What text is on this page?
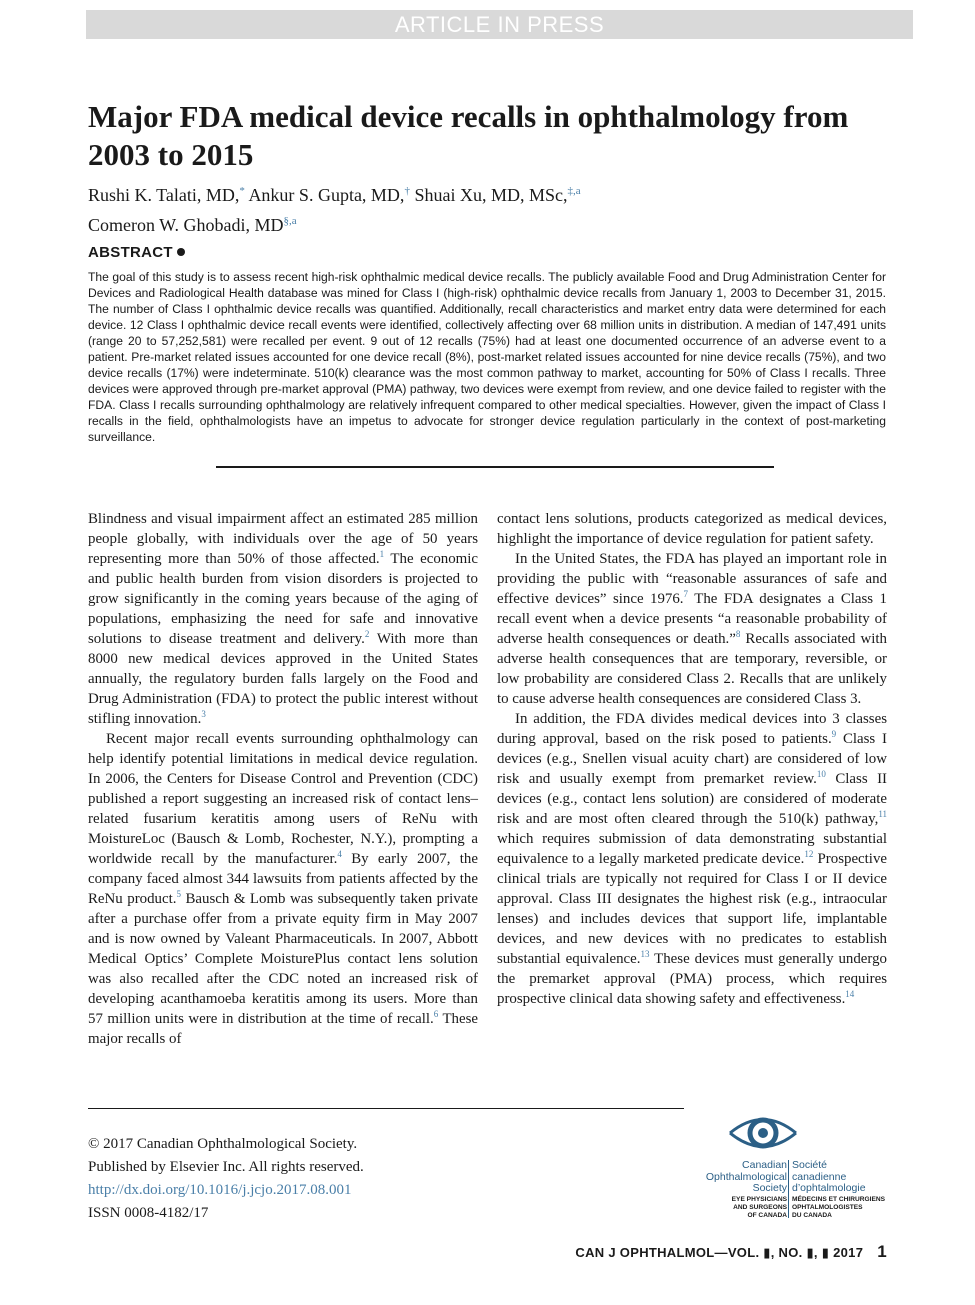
ARTICLE IN PRESS
Major FDA medical device recalls in ophthalmology from 2003 to 2015

Rushi K. Talati, MD,* Ankur S. Gupta, MD,† Shuai Xu, MD, MSc,$^{\ddagger,a}$
Comeron W. Ghobadi, $MD^{\S,a}$

ABSTRACT

The goal of this study is to assess recent high-risk ophthalmic medical device recalls. The publicly available Food and Drug Administration Center for Devices and Radiological Health database was mined for Class I (high-risk) ophthalmic device recalls from January 1, 2003 to December 31, 2015. The number of Class I ophthalmic device recalls was quantified. Additionally, recall characteristics and market entry data were determined for each device. 12 Class I ophthalmic device recall events were identified, collectively affecting over 68 million units in distribution. A median of 147,491 units (range 20 to 57,252,581) were recalled per event. 9 out of 12 recalls (75%) had at least one documented occurrence of an adverse event to a patient. Pre-market related issues accounted for one device recall (8%), post-market related issues accounted for nine device recalls (75%), and two device recalls (17%) were indeterminate. 510(k) clearance was the most common pathway to market, accounting for 50% of Class I recalls. Three devices were approved through pre-market approval (PMA) pathway, two devices were exempt from review, and one device failed to register with the FDA. Class I recalls surrounding ophthalmology are relatively infrequent compared to other medical specialties. However, given the impact of Class I recalls in the field, ophthalmologists have an impetus to advocate for stronger device regulation particularly in the context of post-marketing surveillance.

Blindness and visual impairment affect an estimated 285 million people globally, with individuals over the age of 50 years representing more than 50% of those affected.$^1$ The economic and public health burden from vision disorders is projected to grow significantly in the coming years because of the aging of populations, emphasizing the need for safe and innovative solutions to disease treatment and delivery.$^2$ With more than 8000 new medical devices approved in the United States annually, the regulatory burden falls largely on the Food and Drug Administration (FDA) to protect the public interest without stifling innovation.$^3$

Recent major recall events surrounding ophthalmology can help identify potential limitations in medical device regulation. In 2006, the Centers for Disease Control and Prevention (CDC) published a report suggesting an increased risk of contact lens–related fusarium keratitis among users of ReNu with MoistureLoc (Bausch & Lomb, Rochester, N.Y.), prompting a worldwide recall by the manufacturer.$^4$ By early 2007, the company faced almost 344 lawsuits from patients affected by the ReNu product.$^5$ Bausch & Lomb was subsequently taken private after a purchase offer from a private equity firm in May 2007 and is now owned by Valeant Pharmaceuticals. In 2007, Abbott Medical Optics’ Complete MoisturePlus contact lens solution was also recalled after the CDC noted an increased risk of developing acanthamoeba keratitis among its users. More than 57 million units were in distribution at the time of recall.$^6$ These major recalls of

contact lens solutions, products categorized as medical devices, highlight the importance of device regulation for patient safety.

In the United States, the FDA has played an important role in providing the public with “reasonable assurances of safe and effective devices” since 1976.$^7$ The FDA designates a Class 1 recall event when a device presents “a reasonable probability of adverse health consequences or death.”$^8$ Recalls associated with adverse health consequences that are temporary, reversible, or low probability are considered Class 2. Recalls that are unlikely to cause adverse health consequences are considered Class 3.

In addition, the FDA divides medical devices into 3 classes during approval, based on the risk posed to patients.$^9$ Class I devices (e.g., Snellen visual acuity chart) are considered of low risk and usually exempt from premarket review.$^{10}$ Class II devices (e.g., contact lens solution) are considered of moderate risk and are most often cleared through the 510(k) pathway,$^{11}$ which requires submission of data demonstrating substantial equivalence to a legally marketed predicate device.$^{12}$ Prospective clinical trials are typically not required for Class I or II device approval. Class III designates the highest risk (e.g., intraocular lenses) and includes devices that support life, implantable devices, and new devices with no predicates to establish substantial equivalence.$^{13}$ These devices must generally undergo the premarket approval (PMA) process, which requires prospective clinical data showing safety and effectiveness.$^{14}$

© 2017 Canadian Ophthalmological Society.
Published by Elsevier Inc. All rights reserved.
http://dx.doi.org/10.1016/j.jcjo.2017.08.001
ISSN 0008-4182/17
Canadian
Ophthalmological
Society
Société
canadienne
d’ophtalmologie
EYE PHYSICIANS
AND SURGEONS
OF CANADA
MÉDECINS ET CHIRURGIENS
OPHTALMOLOGISTES
DU CANADA
CAN J OPHTHALMOL—VOL. ▮, NO. ▮, ▮ 2017 1
